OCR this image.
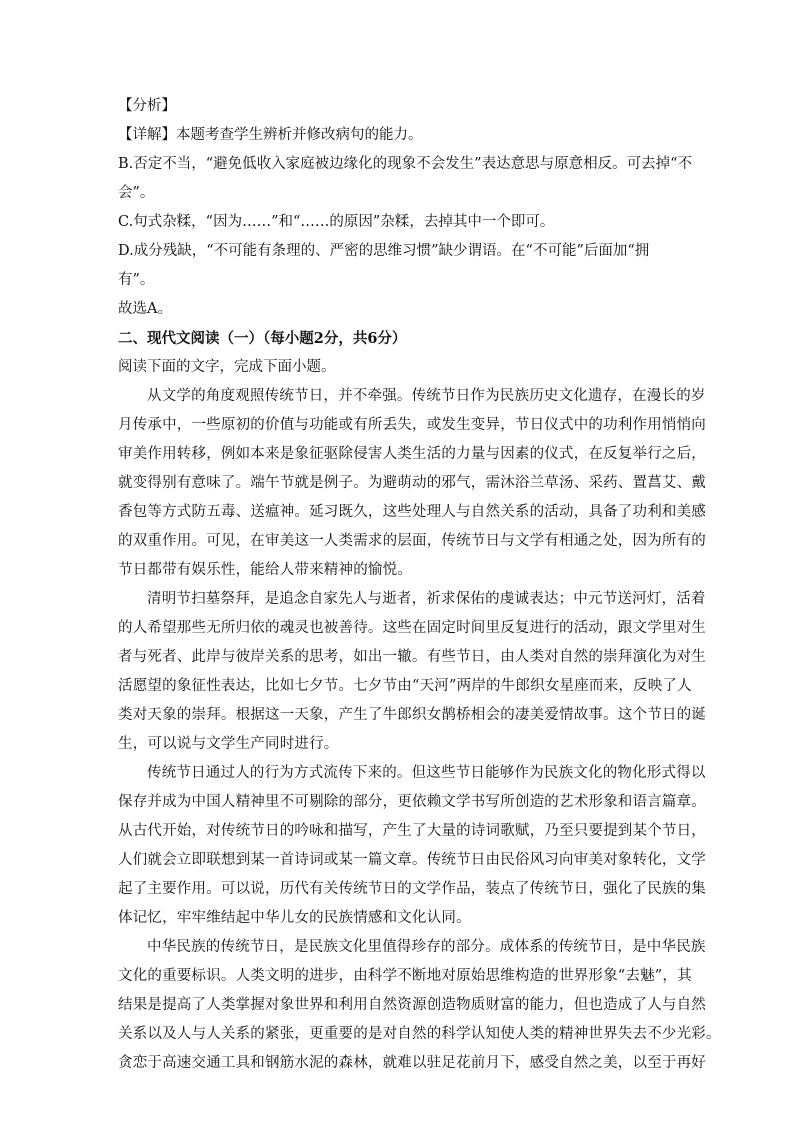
【分析】
【详解】本题考查学生辨析并修改病句的能力。
B.否定不当，“避免低收入家庭被边缘化的现象不会发生”表达意思与原意相反。可去掉“不
会”。
C.句式杂糅，“因为……”和“……的原因”杂糅，去掉其中一个即可。
D.成分残缺，“不可能有条理的、严密的思维习惯”缺少谓语。在“不可能”后面加“拥
有”。
故选A。
二、现代文阅读（一）（每小题2分，共6分）
阅读下面的文字，完成下面小题。
从文学的角度观照传统节日，并不牵强。传统节日作为民族历史文化遗存，在漫长的岁
月传承中，一些原初的价值与功能或有所丢失，或发生变异，节日仪式中的功利作用悄悄向
审美作用转移，例如本来是象征驱除侵害人类生活的力量与因素的仪式，在反复举行之后，
就变得别有意味了。端午节就是例子。为避萌动的邪气，需沐浴兰草汤、采药、置菖艾、戴
香包等方式防五毒、送瘟神。延习既久，这些处理人与自然关系的活动，具备了功利和美感
的双重作用。可见，在审美这一人类需求的层面，传统节日与文学有相通之处，因为所有的
节日都带有娱乐性，能给人带来精神的愉悦。
清明节扫墓祭拜，是追念自家先人与逝者，祈求保佑的虔诚表达；中元节送河灯，活着
的人希望那些无所归依的魂灵也被善待。这些在固定时间里反复进行的活动，跟文学里对生
者与死者、此岸与彼岸关系的思考，如出一辙。有些节日，由人类对自然的崇拜演化为对生
活愿望的象征性表达，比如七夕节。七夕节由“天河”两岸的牛郎织女星座而来，反映了人
类对天象的崇拜。根据这一天象，产生了牛郎织女鹊桥相会的凄美爱情故事。这个节日的诞
生，可以说与文学生产同时进行。
传统节日通过人的行为方式流传下来的。但这些节日能够作为民族文化的物化形式得以
保存并成为中国人精神里不可剔除的部分，更依赖文学书写所创造的艺术形象和语言篇章。
从古代开始，对传统节日的吟咏和描写，产生了大量的诗词歌赋，乃至只要提到某个节日，
人们就会立即联想到某一首诗词或某一篇文章。传统节日由民俗风习向审美对象转化，文学
起了主要作用。可以说，历代有关传统节日的文学作品，装点了传统节日，强化了民族的集
体记忆，牢牢维结起中华儿女的民族情感和文化认同。
中华民族的传统节日，是民族文化里值得珍存的部分。成体系的传统节日，是中华民族
文化的重要标识。人类文明的进步，由科学不断地对原始思维构造的世界形象“去魅”，其
结果是提高了人类掌握对象世界和利用自然资源创造物质财富的能力，但也造成了人与自然
关系以及人与人关系的紧张，更重要的是对自然的科学认知使人类的精神世界失去不少光彩。
贪恋于高速交通工具和钢筋水泥的森林，就难以驻足花前月下，感受自然之美，以至于再好
